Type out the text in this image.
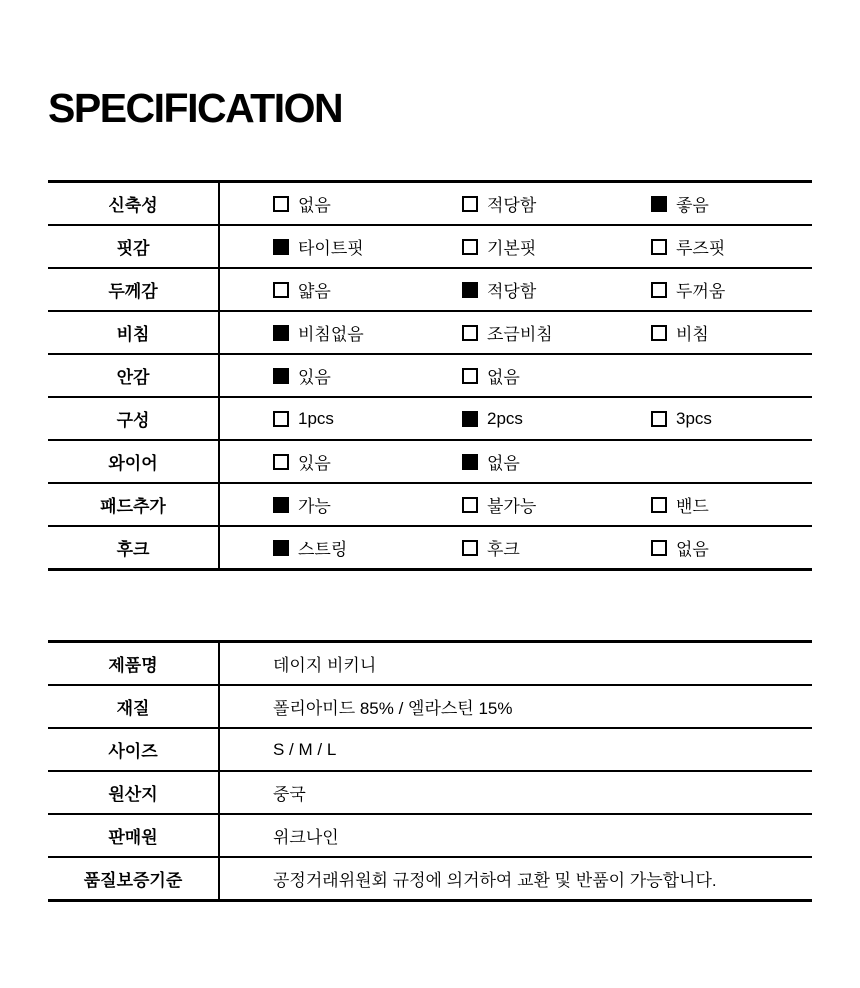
SPECIFICATION
신축성	없음	적당함	좋음
핏감	타이트핏	기본핏	루즈핏
두께감	얇음	적당함	두꺼움
비침	비침없음	조금비침	비침
안감	있음	없음
구성	1pcs	2pcs	3pcs
와이어	있음	없음
패드추가	가능	불가능	밴드
후크	스트링	후크	없음
제품명	데이지 비키니
재질	폴리아미드 85% / 엘라스틴 15%
사이즈	S / M / L
원산지	중국
판매원	위크나인
품질보증기준	공정거래위원회 규정에 의거하여 교환 및 반품이 가능합니다.
